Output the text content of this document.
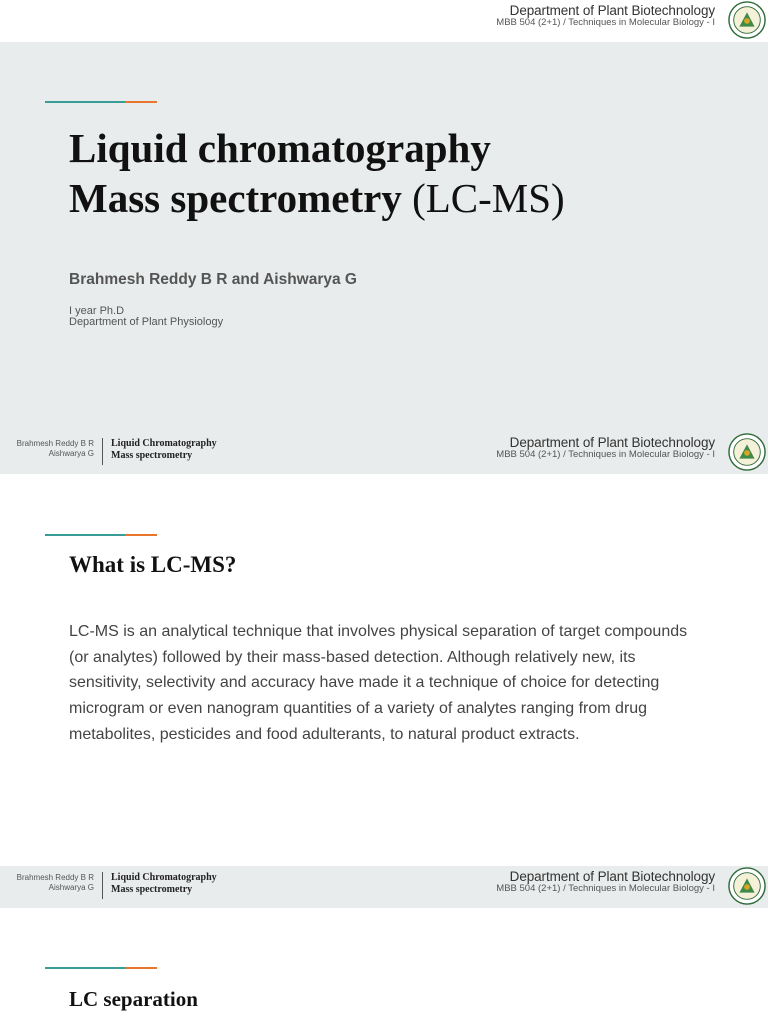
Department of Plant Biotechnology
MBB 504 (2+1) / Techniques in Molecular Biology - I
Liquid chromatography
Mass spectrometry (LC-MS)
Brahmesh Reddy B R and Aishwarya G
I year Ph.D
Department of Plant Physiology
Brahmesh Reddy B R
Aishwarya G
Liquid Chromatography
Mass spectrometry
Department of Plant Biotechnology
MBB 504 (2+1) / Techniques in Molecular Biology - I
What is LC-MS?
LC-MS is an analytical technique that involves physical separation of target compounds (or analytes) followed by their mass-based detection. Although relatively new, its sensitivity, selectivity and accuracy have made it a technique of choice for detecting microgram or even nanogram quantities of a variety of analytes ranging from drug metabolites, pesticides and food adulterants, to natural product extracts.
Brahmesh Reddy B R
Aishwarya G
Liquid Chromatography
Mass spectrometry
Department of Plant Biotechnology
MBB 504 (2+1) / Techniques in Molecular Biology - I
LC separation
